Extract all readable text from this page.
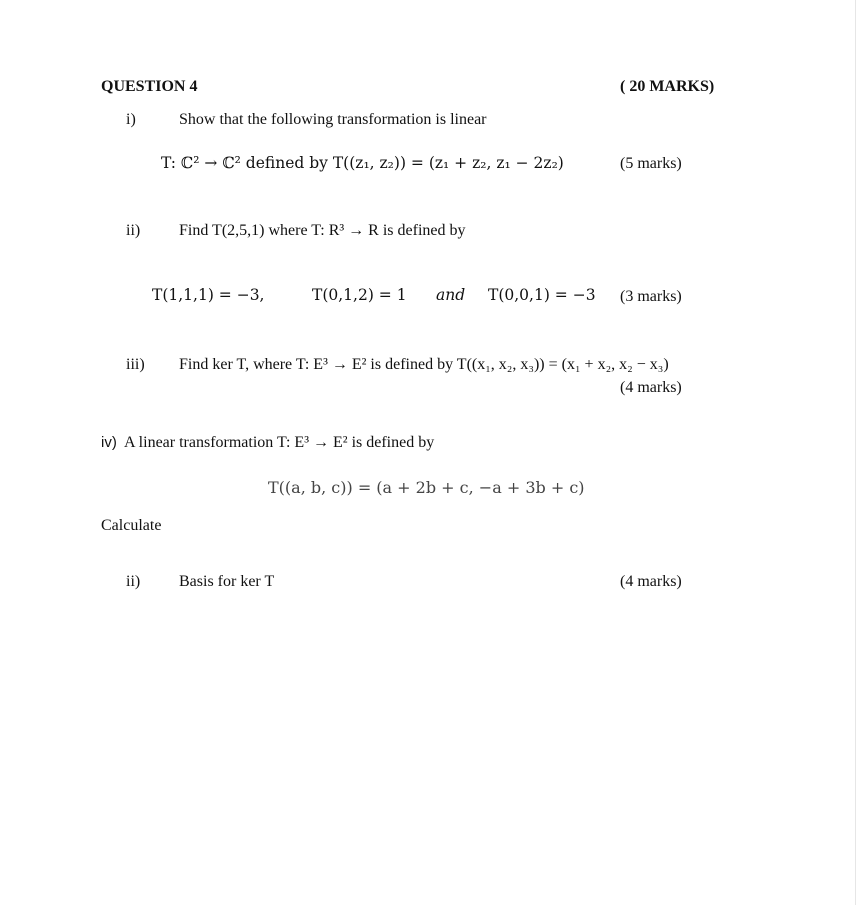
QUESTION 4	( 20 MARKS)
i)	Show that the following transformation is linear
T: ℂ² → ℂ² defined by T((z₁, z₂)) = (z₁ + z₂, z₁ − 2z₂)	(5 marks)
ii) Find T(2,5,1) where T: R³ → R is defined by
T(1,1,1) = −3,	T(0,1,2) = 1 and T(0,0,1) = −3 (3 marks)
iii) Find ker T, where T: E³ → E² is defined by T((x₁, x₂, x₃)) = (x₁ + x₂, x₂ − x₃)
(4 marks)
iv) A linear transformation T: E³ → E² is defined by
T((a, b, c)) = (a + 2b + c, −a + 3b + c)
Calculate
ii) Basis for ker T	(4 marks)
